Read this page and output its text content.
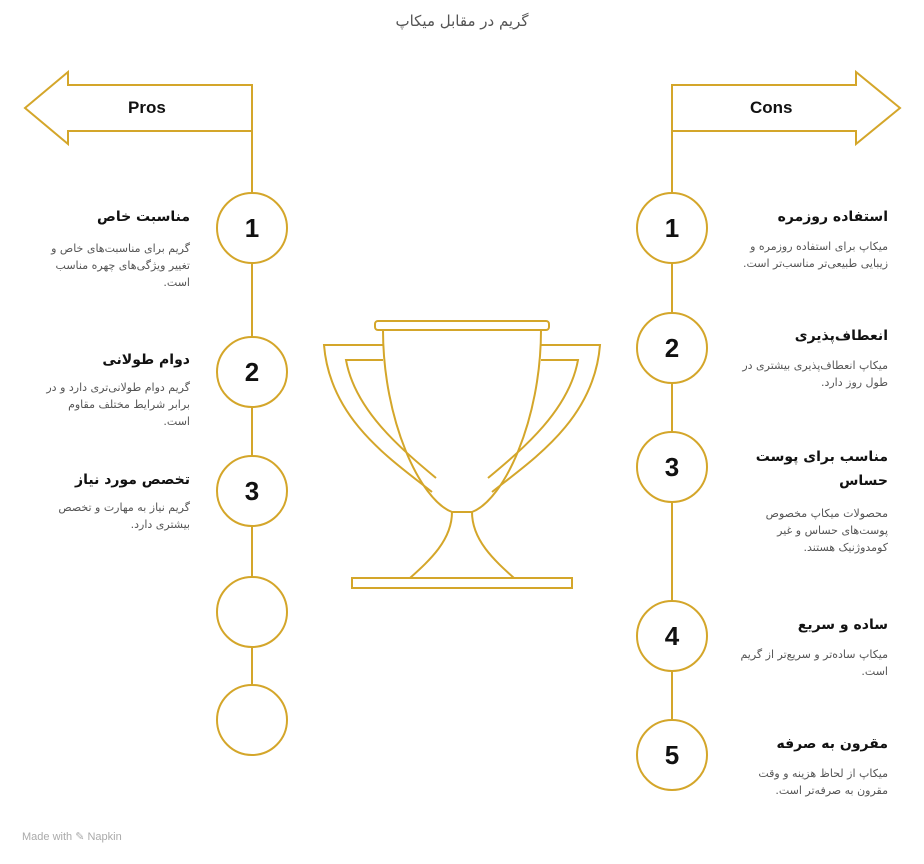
گریم در مقابل میکاپ
Pros	Cons
1
2
3
1
2
3
4
5
مناسبت خاص
گریم برای مناسبت‌های خاص و تغییر ویژگی‌های چهره مناسب است.
دوام طولانی
گریم دوام طولانی‌تری دارد و در برابر شرایط مختلف مقاوم است.
تخصص مورد نیاز
گریم نیاز به مهارت و تخصص بیشتری دارد.
استفاده روزمره
میکاپ برای استفاده روزمره و زیبایی طبیعی‌تر مناسب‌تر است.
انعطاف‌پذیری
میکاپ انعطاف‌پذیری بیشتری در طول روز دارد.
مناسب برای پوست حساس
محصولات میکاپ مخصوص پوست‌های حساس و غیر کومدوژنیک هستند.
ساده و سریع
میکاپ ساده‌تر و سریع‌تر از گریم است.
مقرون به صرفه
میکاپ از لحاظ هزینه و وقت مقرون به صرفه‌تر است.
Made with ✎ Napkin
